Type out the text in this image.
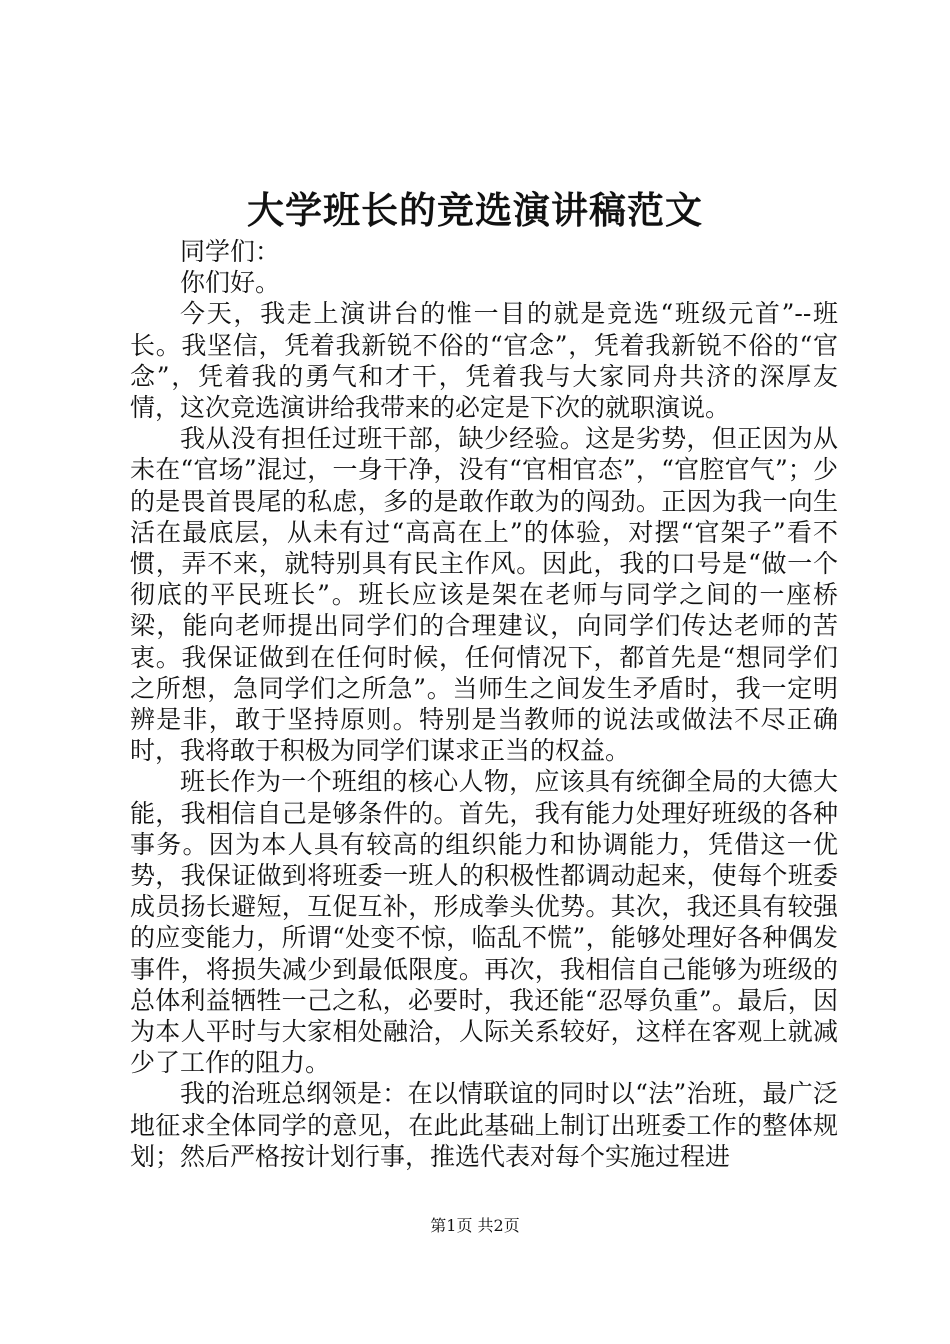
大学班长的竞选演讲稿范文

同学们：

你们好。

今天，我走上演讲台的惟一目的就是竞选“班级元首”--班长。我坚信，凭着我新锐不俗的“官念”，凭着我新锐不俗的“官念”，凭着我的勇气和才干，凭着我与大家同舟共济的深厚友情，这次竞选演讲给我带来的必定是下次的就职演说。

我从没有担任过班干部，缺少经验。这是劣势，但正因为从未在“官场”混过，一身干净，没有“官相官态”，“官腔官气”；少的是畏首畏尾的私虑，多的是敢作敢为的闯劲。正因为我一向生活在最底层，从未有过“高高在上”的体验，对摆“官架子”看不惯，弄不来，就特别具有民主作风。因此，我的口号是“做一个彻底的平民班长”。班长应该是架在老师与同学之间的一座桥梁，能向老师提出同学们的合理建议，向同学们传达老师的苦衷。我保证做到在任何时候，任何情况下，都首先是“想同学们之所想，急同学们之所急”。当师生之间发生矛盾时，我一定明辨是非，敢于坚持原则。特别是当教师的说法或做法不尽正确时，我将敢于积极为同学们谋求正当的权益。

班长作为一个班组的核心人物，应该具有统御全局的大德大能，我相信自己是够条件的。首先，我有能力处理好班级的各种事务。因为本人具有较高的组织能力和协调能力，凭借这一优势，我保证做到将班委一班人的积极性都调动起来，使每个班委成员扬长避短，互促互补，形成拳头优势。其次，我还具有较强的应变能力，所谓“处变不惊，临乱不慌”，能够处理好各种偶发事件，将损失减少到最低限度。再次，我相信自己能够为班级的总体利益牺牲一己之私，必要时，我还能“忍辱负重”。最后，因为本人平时与大家相处融洽，人际关系较好，这样在客观上就减少了工作的阻力。

我的治班总纲领是：在以情联谊的同时以“法”治班，最广泛地征求全体同学的意见，在此此基础上制订出班委工作的整体规划；然后严格按计划行事，推选代表对每个实施过程进

第1页 共2页
